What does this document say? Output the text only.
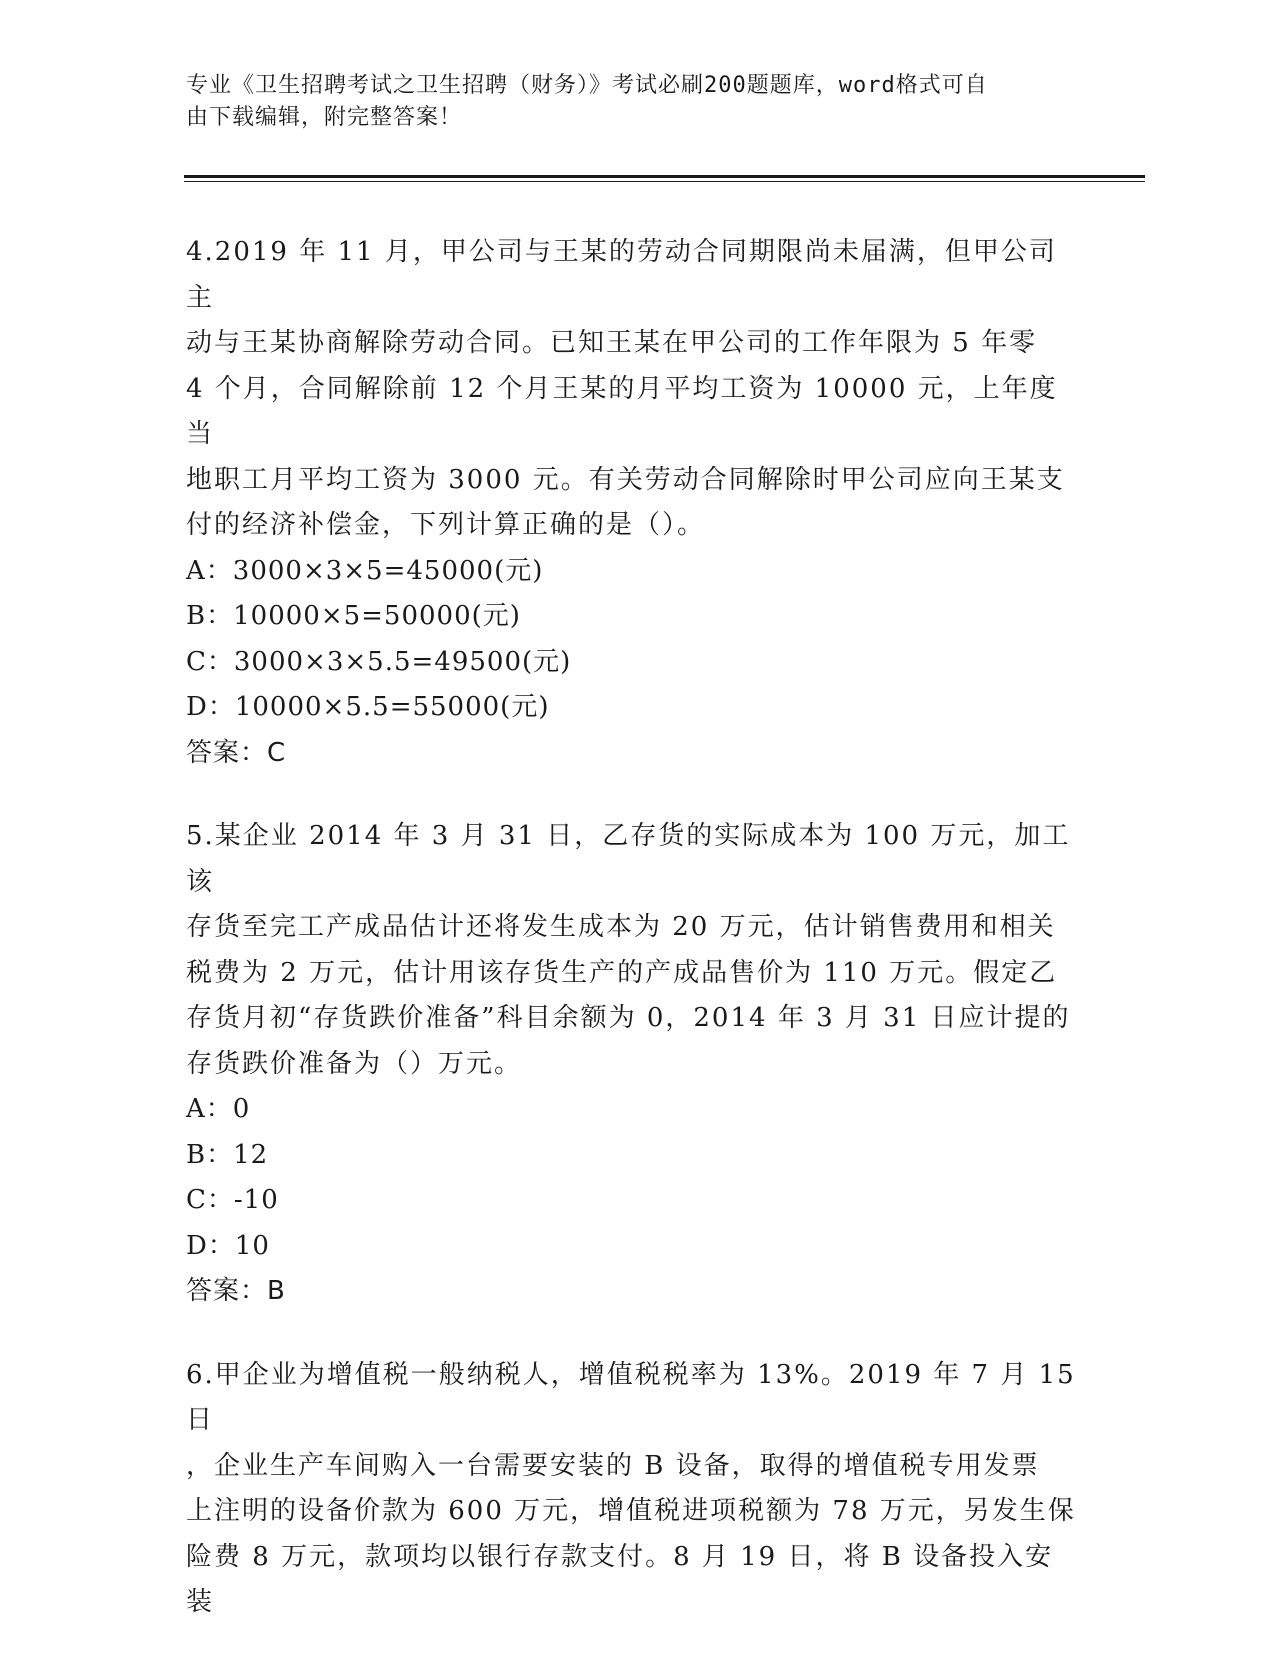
专业《卫生招聘考试之卫生招聘（财务）》考试必刷200题题库，word格式可自
由下载编辑，附完整答案！

4.2019 年 11 月，甲公司与王某的劳动合同期限尚未届满，但甲公司主

动与王某协商解除劳动合同。已知王某在甲公司的工作年限为 5 年零

4 个月，合同解除前 12 个月王某的月平均工资为 10000 元，上年度当

地职工月平均工资为 3000 元。有关劳动合同解除时甲公司应向王某支

付的经济补偿金，下列计算正确的是（）。

A：3000×3×5=45000(元)

B：10000×5=50000(元)

C：3000×3×5.5=49500(元)

D：10000×5.5=55000(元)

答案：C

5.某企业 2014 年 3 月 31 日，乙存货的实际成本为 100 万元，加工该

存货至完工产成品估计还将发生成本为 20 万元，估计销售费用和相关

税费为 2 万元，估计用该存货生产的产成品售价为 110 万元。假定乙

存货月初“存货跌价准备”科目余额为 0，2014 年 3 月 31 日应计提的

存货跌价准备为（）万元。

A：0

B：12

C：-10

D：10

答案：B

6.甲企业为增值税一般纳税人，增值税税率为 13%。2019 年 7 月 15 日

，企业生产车间购入一台需要安装的 B 设备，取得的增值税专用发票

上注明的设备价款为 600 万元，增值税进项税额为 78 万元，另发生保

险费 8 万元，款项均以银行存款支付。8 月 19 日，将 B 设备投入安装
